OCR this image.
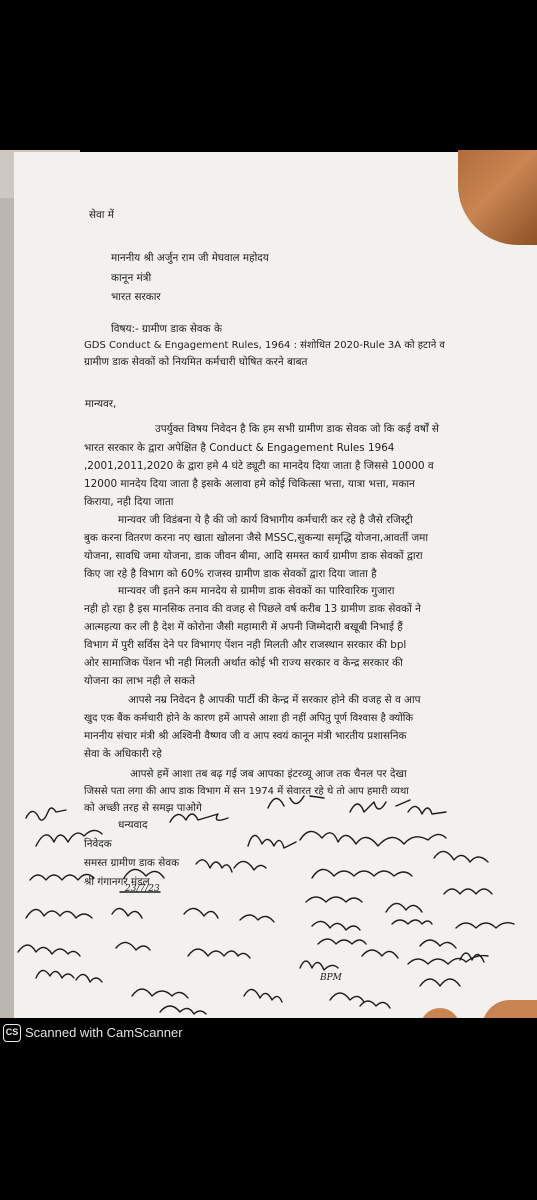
सेवा में
माननीय श्री अर्जुन राम जी मेघवाल महोदय
कानून मंत्री
भारत सरकार
विषय:- ग्रामीण डाक सेवक के
GDS Conduct & Engagement Rules, 1964 : संशोधित 2020-Rule 3A को हटाने व
ग्रामीण डाक सेवकों को नियमित कर्मचारी घोषित करने बाबत
मान्यवर,
उपर्युक्त विषय निवेदन है कि हम सभी ग्रामीण डाक सेवक जो कि कई वर्षों से
भारत सरकार के द्वारा अपेक्षित है Conduct & Engagement Rules 1964
,2001,2011,2020 के द्वारा हमे 4 घंटे ड्यूटी का मानदेय दिया जाता है जिससे 10000 व
12000 मानदेय दिया जाता है इसके अलावा हमे कोई चिकित्सा भत्ता, यात्रा भत्ता, मकान
किराया, नही दिया जाता
मान्यवर जी विडंबना ये है की जो कार्य विभागीय कर्मचारी कर रहे है जैसे रजिस्ट्री
बुक करना वितरण करना नए खाता खोलना जैसे MSSC,सुकन्या समृद्धि योजना,आवर्ती जमा
योजना, सावधि जमा योजना, डाक जीवन बीमा, आदि समस्त कार्य ग्रामीण डाक सेवकों द्वारा
किए जा रहे है विभाग को 60% राजस्व ग्रामीण डाक सेवकों द्वारा दिया जाता है
मान्यवर जी इतने कम मानदेय से ग्रामीण डाक सेवकों का पारिवारिक गुजारा
नही हो रहा है इस मानसिक तनाव की वजह से पिछले वर्ष करीब 13 ग्रामीण डाक सेवकों ने
आत्महत्या कर ली है देश में कोरोना जैसी महामारी में अपनी जिम्मेदारी बखूबी निभाई हैं
विभाग में पुरी सर्विस देने पर विभागए पेंशन नही मिलती और राजस्थान सरकार की bpl
ओर सामाजिक पेंशन भी नही मिलती अर्थात कोई भी राज्य सरकार व केन्द्र सरकार की
योजना का लाभ नही ले सकते
आपसे नम्र निवेदन है आपकी पार्टी की केन्द्र में सरकार होने की वजह से व आप
खुद एक बैंक कर्मचारी होने के कारण हमें आपसे आशा ही नहीं अपितु पूर्ण विश्वास है क्योंकि
माननीय संचार मंत्री श्री अश्विनी वैष्णव जी व आप स्वयं कानून मंत्री भारतीय प्रशासनिक
सेवा के अधिकारी रहे
आपसे हमें आशा तब बढ़ गई जब आपका इंटरव्यू आज तक चैनल पर देखा
जिससे पता लगा की आप डाक विभाग में सन 1974 में सेवारत रहे थे तो आप हमारी व्यथा
को अच्छी तरह से समझ पाओगे
धन्यवाद
निवेदक
समस्त ग्रामीण डाक सेवक
श्री गंगानगर मंडल
23/7/23
BPM
CS Scanned with CamScanner
